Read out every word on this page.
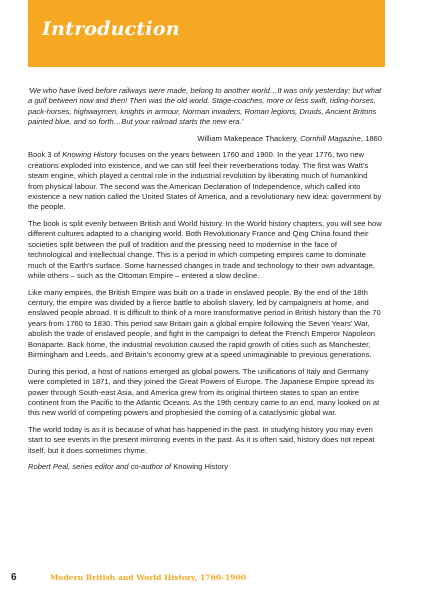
Introduction

‘We who have lived before railways were made, belong to another world…It was only yesterday; but what a gulf between now and then! Then was the old world. Stage-coaches, more or less swift, riding-horses, pack-horses, highwaymen, knights in armour, Norman invaders, Roman legions, Druids, Ancient Britons painted blue, and so forth…But your railroad starts the new era.’

William Makepeace Thackery, Cornhill Magazine, 1860

Book 3 of Knowing History focuses on the years between 1760 and 1900. In the year 1776, two new creations exploded into existence, and we can still feel their reverberations today. The first was Watt’s steam engine, which played a central role in the industrial revolution by liberating much of humankind from physical labour. The second was the American Declaration of Independence, which called into existence a new nation called the United States of America, and a revolutionary new idea: government by the people.

The book is split evenly between British and World history. In the World history chapters, you will see how different cultures adapted to a changing world. Both Revolutionary France and Qing China found their societies split between the pull of tradition and the pressing need to modernise in the face of technological and intellectual change. This is a period in which competing empires came to dominate much of the Earth’s surface. Some harnessed changes in trade and technology to their own advantage, while others – such as the Ottoman Empire – entered a slow decline.

Like many empires, the British Empire was built on a trade in enslaved people. By the end of the 18th century, the empire was divided by a fierce battle to abolish slavery, led by campaigners at home, and enslaved people abroad. It is difficult to think of a more transformative period in British history than the 70 years from 1760 to 1830. This period saw Britain gain a global empire following the Seven Years’ War, abolish the trade of enslaved people, and fight in the campaign to defeat the French Emperor Napoleon Bonaparte. Back home, the industrial revolution caused the rapid growth of cities such as Manchester, Birmingham and Leeds, and Britain’s economy grew at a speed unimaginable to previous generations.

During this period, a host of nations emerged as global powers. The unifications of Italy and Germany were completed in 1871, and they joined the Great Powers of Europe. The Japanese Empire spread its power through South-east Asia, and America grew from its original thirteen states to span an entire continent from the Pacific to the Atlantic Oceans. As the 19th century came to an end, many looked on at this new world of competing powers and prophesied the coming of a cataclysmic global war.

The world today is as it is because of what has happened in the past. In studying history you may even start to see events in the present mirroring events in the past. As it is often said, history does not repeat itself, but it does sometimes rhyme.

Robert Peal, series editor and co-author of Knowing History

6	Modern British and World History, 1760–1900
